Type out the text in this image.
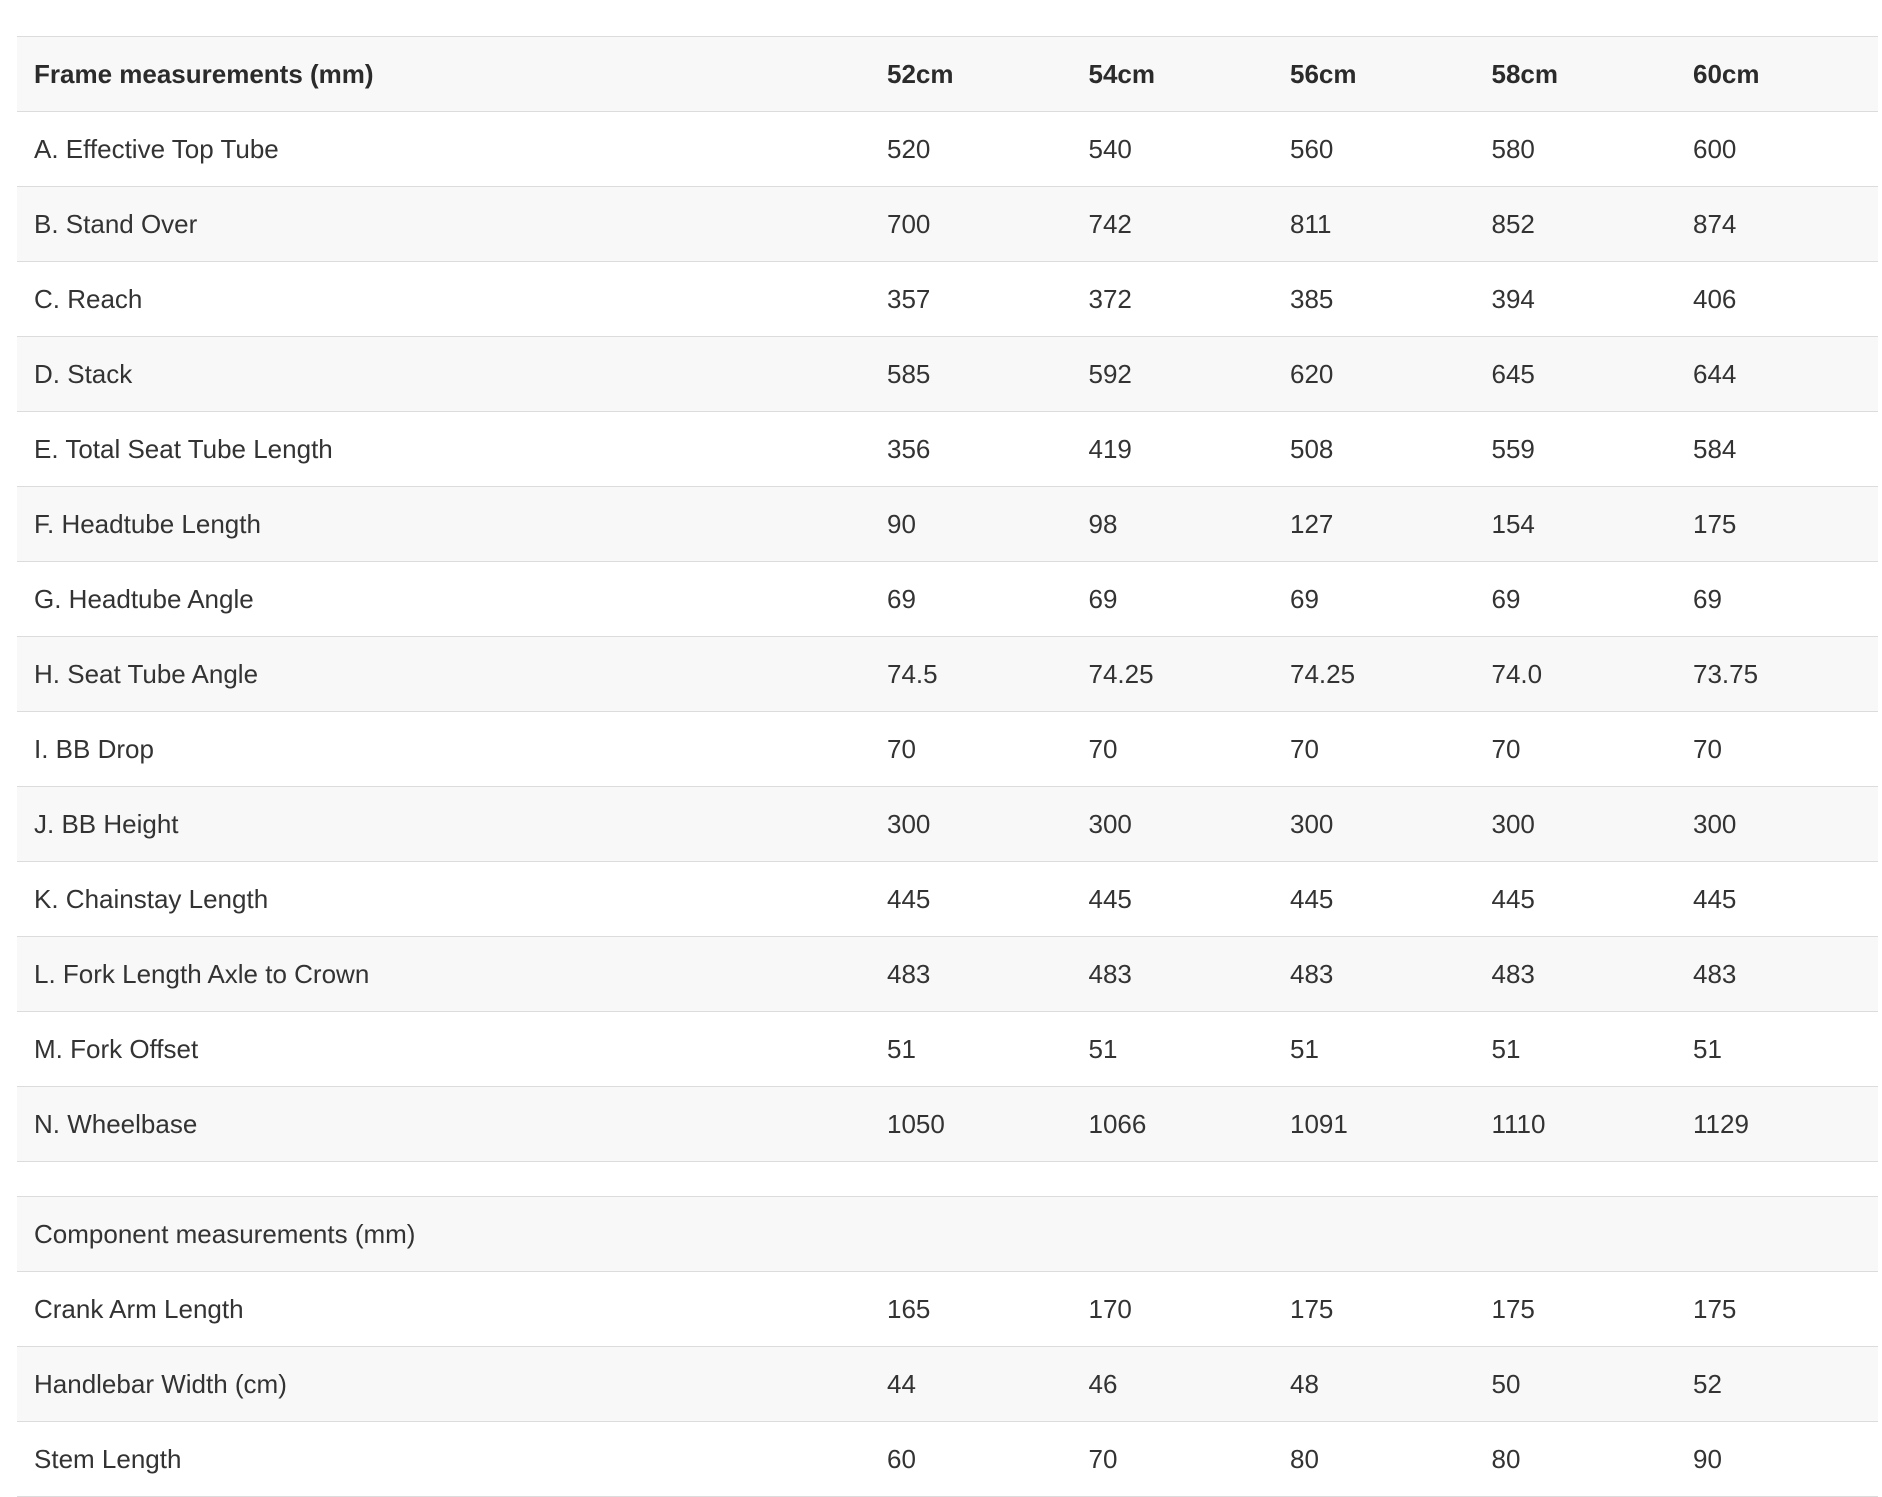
Frame measurements (mm)	52cm	54cm	56cm	58cm	60cm
A. Effective Top Tube	520	540	560	580	600
B. Stand Over	700	742	811	852	874
C. Reach	357	372	385	394	406
D. Stack	585	592	620	645	644
E. Total Seat Tube Length	356	419	508	559	584
F. Headtube Length	90	98	127	154	175
G. Headtube Angle	69	69	69	69	69
H. Seat Tube Angle	74.5	74.25	74.25	74.0	73.75
I. BB Drop	70	70	70	70	70
J. BB Height	300	300	300	300	300
K. Chainstay Length	445	445	445	445	445
L. Fork Length Axle to Crown	483	483	483	483	483
M. Fork Offset	51	51	51	51	51
N. Wheelbase	1050	1066	1091	1110	1129
Component measurements (mm)					
Crank Arm Length	165	170	175	175	175
Handlebar Width (cm)	44	46	48	50	52
Stem Length	60	70	80	80	90
